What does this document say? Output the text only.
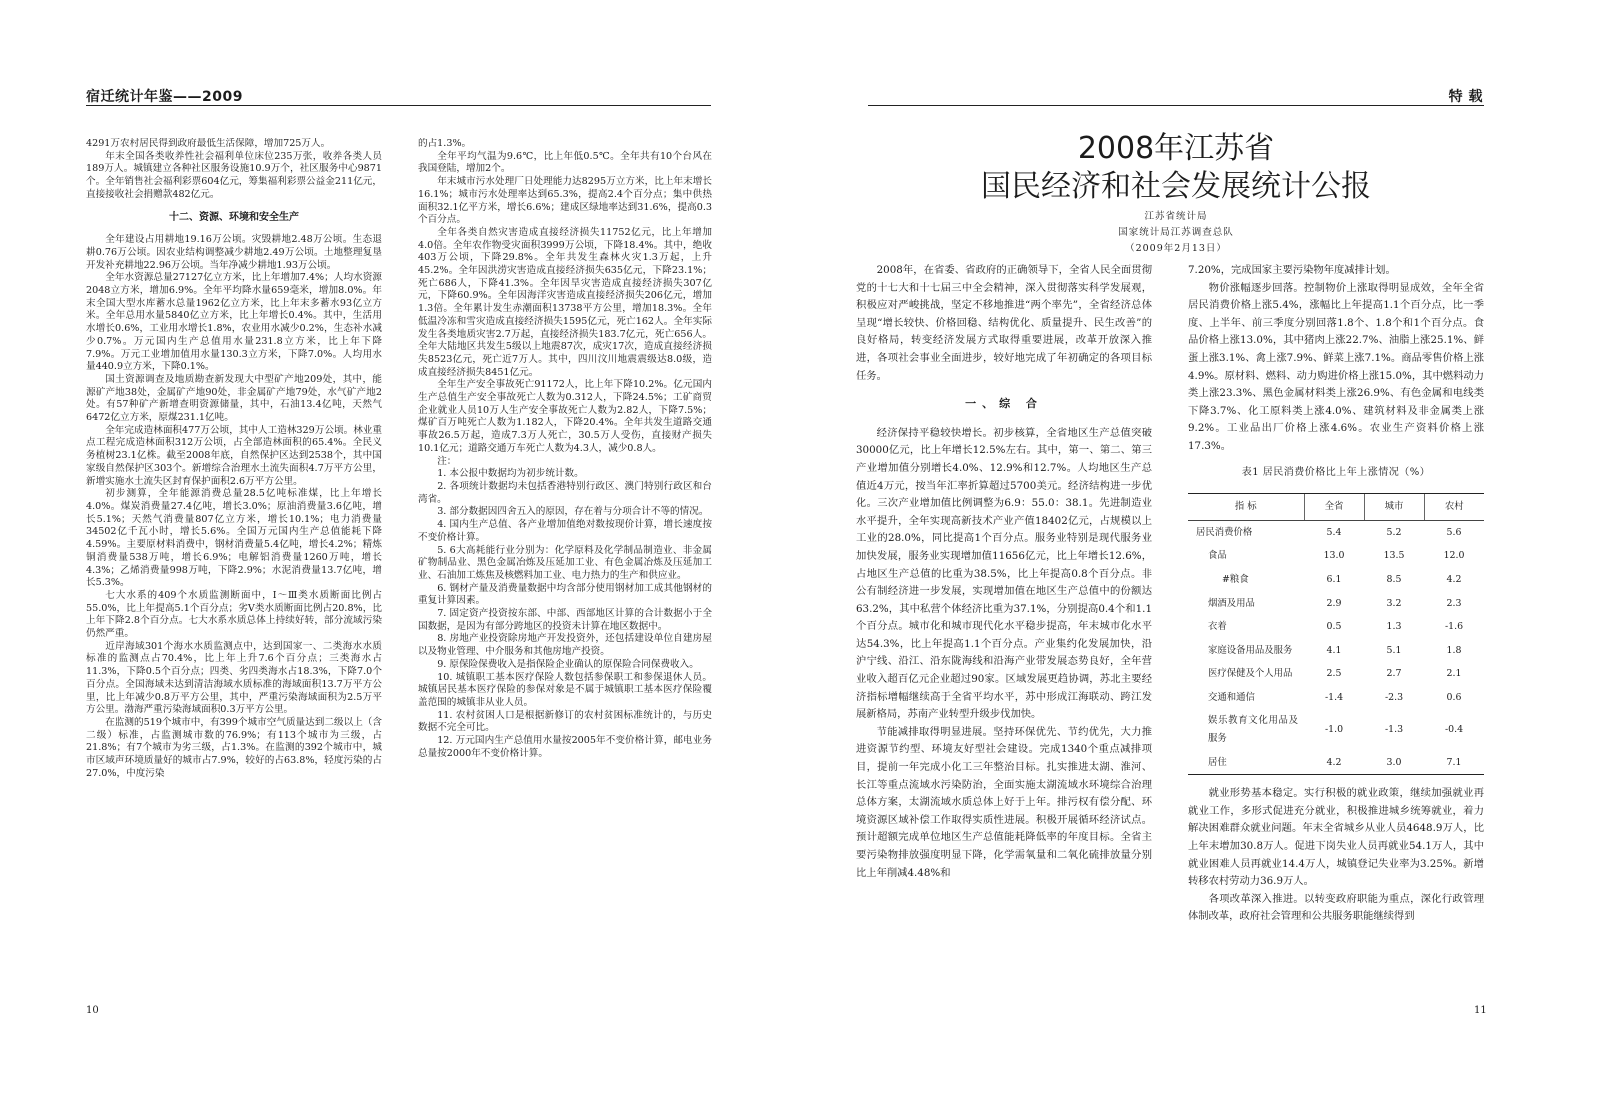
宿迁统计年鉴——2009

4291万农村居民得到政府最低生活保障，增加725万人。

年末全国各类收养性社会福利单位床位235万张，收养各类人员189万人。城镇建立各种社区服务设施10.9万个，社区服务中心9871个。全年销售社会福利彩票604亿元，筹集福利彩票公益金211亿元，直接接收社会捐赠款482亿元。

十二、资源、环境和安全生产

全年建设占用耕地19.16万公顷。灾毁耕地2.48万公顷。生态退耕0.76万公顷。因农业结构调整减少耕地2.49万公顷。土地整理复垦开发补充耕地22.96万公顷。当年净减少耕地1.93万公顷。

全年水资源总量27127亿立方米，比上年增加7.4%；人均水资源2048立方米，增加6.9%。全年平均降水量659毫米，增加8.0%。年末全国大型水库蓄水总量1962亿立方米，比上年末多蓄水93亿立方米。全年总用水量5840亿立方米，比上年增长0.4%。其中，生活用水增长0.6%，工业用水增长1.8%，农业用水减少0.2%，生态补水减少0.7%。万元国内生产总值用水量231.8立方米，比上年下降7.9%。万元工业增加值用水量130.3立方米，下降7.0%。人均用水量440.9立方米，下降0.1%。

国土资源调查及地质勘查新发现大中型矿产地209处，其中，能源矿产地38处，金属矿产地90处，非金属矿产地79处，水气矿产地2处。有57种矿产新增查明资源储量，其中，石油13.4亿吨，天然气6472亿立方米，原煤231.1亿吨。

全年完成造林面积477万公顷，其中人工造林329万公顷。林业重点工程完成造林面积312万公顷，占全部造林面积的65.4%。全民义务植树23.1亿株。截至2008年底，自然保护区达到2538个，其中国家级自然保护区303个。新增综合治理水土流失面积4.7万平方公里，新增实施水土流失区封育保护面积2.6万平方公里。

初步测算，全年能源消费总量28.5亿吨标准煤，比上年增长4.0%。煤炭消费量27.4亿吨，增长3.0%；原油消费量3.6亿吨，增长5.1%；天然气消费量807亿立方米，增长10.1%；电力消费量34502亿千瓦小时，增长5.6%。全国万元国内生产总值能耗下降4.59%。主要原材料消费中，钢材消费量5.4亿吨，增长4.2%；精炼铜消费量538万吨，增长6.9%；电解铝消费量1260万吨，增长4.3%；乙烯消费量998万吨，下降2.9%；水泥消费量13.7亿吨，增长5.3%。

七大水系的409个水质监测断面中，Ⅰ～Ⅲ类水质断面比例占55.0%，比上年提高5.1个百分点；劣Ⅴ类水质断面比例占20.8%，比上年下降2.8个百分点。七大水系水质总体上持续好转，部分流域污染仍然严重。

近岸海域301个海水水质监测点中，达到国家一、二类海水水质标准的监测点占70.4%，比上年上升7.6个百分点；三类海水占11.3%，下降0.5个百分点；四类、劣四类海水占18.3%，下降7.0个百分点。全国海域未达到清洁海域水质标准的海域面积13.7万平方公里，比上年减少0.8万平方公里，其中，严重污染海域面积为2.5万平方公里。渤海严重污染海域面积0.3万平方公里。

在监测的519个城市中，有399个城市空气质量达到二级以上（含二级）标准，占监测城市数的76.9%；有113个城市为三级，占21.8%；有7个城市为劣三级，占1.3%。在监测的392个城市中，城市区域声环境质量好的城市占7.9%，较好的占63.8%，轻度污染的占27.0%，中度污染

的占1.3%。

全年平均气温为9.6℃，比上年低0.5℃。全年共有10个台风在我国登陆，增加2个。

年末城市污水处理厂日处理能力达8295万立方米，比上年末增长16.1%；城市污水处理率达到65.3%，提高2.4个百分点；集中供热面积32.1亿平方米，增长6.6%；建成区绿地率达到31.6%，提高0.3个百分点。

全年各类自然灾害造成直接经济损失11752亿元，比上年增加4.0倍。全年农作物受灾面积3999万公顷，下降18.4%。其中，绝收403万公顷，下降29.8%。全年共发生森林火灾1.3万起，上升45.2%。全年因洪涝灾害造成直接经济损失635亿元，下降23.1%；死亡686人，下降41.3%。全年因旱灾害造成直接经济损失307亿元，下降60.9%。全年因海洋灾害造成直接经济损失206亿元，增加1.3倍。全年累计发生赤潮面积13738平方公里，增加18.3%。全年低温冷冻和雪灾造成直接经济损失1595亿元，死亡162人。全年实际发生各类地质灾害2.7万起，直接经济损失183.7亿元，死亡656人。全年大陆地区共发生5级以上地震87次，成灾17次，造成直接经济损失8523亿元，死亡近7万人。其中，四川汶川地震震级达8.0级，造成直接经济损失8451亿元。

全年生产安全事故死亡91172人，比上年下降10.2%。亿元国内生产总值生产安全事故死亡人数为0.312人，下降24.5%；工矿商贸企业就业人员10万人生产安全事故死亡人数为2.82人，下降7.5%；煤矿百万吨死亡人数为1.182人，下降20.4%。全年共发生道路交通事故26.5万起，造成7.3万人死亡，30.5万人受伤，直接财产损失10.1亿元；道路交通万车死亡人数为4.3人，减少0.8人。

注：

1. 本公报中数据均为初步统计数。

2. 各项统计数据均未包括香港特别行政区、澳门特别行政区和台湾省。

3. 部分数据因四舍五入的原因，存在着与分项合计不等的情况。

4. 国内生产总值、各产业增加值绝对数按现价计算，增长速度按不变价格计算。

5. 6大高耗能行业分别为：化学原料及化学制品制造业、非金属矿物制品业、黑色金属冶炼及压延加工业、有色金属冶炼及压延加工业、石油加工炼焦及核燃料加工业、电力热力的生产和供应业。

6. 钢材产量及消费量数据中均含部分使用钢材加工成其他钢材的重复计算因素。

7. 固定资产投资按东部、中部、西部地区计算的合计数据小于全国数据，是因为有部分跨地区的投资未计算在地区数据中。

8. 房地产业投资除房地产开发投资外，还包括建设单位自建房屋以及物业管理、中介服务和其他房地产投资。

9. 原保险保费收入是指保险企业确认的原保险合同保费收入。

10. 城镇职工基本医疗保险人数包括参保职工和参保退休人员。城镇居民基本医疗保险的参保对象是不属于城镇职工基本医疗保险覆盖范围的城镇非从业人员。

11. 农村贫困人口是根据新修订的农村贫困标准统计的，与历史数据不完全可比。

12. 万元国内生产总值用水量按2005年不变价格计算，邮电业务总量按2000年不变价格计算。

10
特 载
2008年江苏省
国民经济和社会发展统计公报
江苏省统计局
国家统计局江苏调查总队
（2009年2月13日）

2008年，在省委、省政府的正确领导下，全省人民全面贯彻党的十七大和十七届三中全会精神，深入贯彻落实科学发展观，积极应对严峻挑战，坚定不移地推进“两个率先”，全省经济总体呈现“增长较快、价格回稳、结构优化、质量提升、民生改善”的良好格局，转变经济发展方式取得重要进展，改革开放深入推进，各项社会事业全面进步，较好地完成了年初确定的各项目标任务。

一、综 合

经济保持平稳较快增长。初步核算，全省地区生产总值突破30000亿元，比上年增长12.5%左右。其中，第一、第二、第三产业增加值分别增长4.0%、12.9%和12.7%。人均地区生产总值近4万元，按当年汇率折算超过5700美元。经济结构进一步优化。三次产业增加值比例调整为6.9：55.0：38.1。先进制造业水平提升，全年实现高新技术产业产值18402亿元，占规模以上工业的28.0%，同比提高1个百分点。服务业特别是现代服务业加快发展，服务业实现增加值11656亿元，比上年增长12.6%，占地区生产总值的比重为38.5%，比上年提高0.8个百分点。非公有制经济进一步发展，实现增加值在地区生产总值中的份额达63.2%，其中私营个体经济比重为37.1%，分别提高0.4个和1.1个百分点。城市化和城市现代化水平稳步提高，年末城市化水平达54.3%，比上年提高1.1个百分点。产业集约化发展加快，沿沪宁线、沿江、沿东陇海线和沿海产业带发展态势良好，全年营业收入超百亿元企业超过90家。区域发展更趋协调，苏北主要经济指标增幅继续高于全省平均水平，苏中形成江海联动、跨江发展新格局，苏南产业转型升级步伐加快。

节能减排取得明显进展。坚持环保优先、节约优先，大力推进资源节约型、环境友好型社会建设。完成1340个重点减排项目，提前一年完成小化工三年整治目标。扎实推进太湖、淮河、长江等重点流域水污染防治，全面实施太湖流域水环境综合治理总体方案，太湖流域水质总体上好于上年。排污权有偿分配、环境资源区域补偿工作取得实质性进展。积极开展循环经济试点。预计超额完成单位地区生产总值能耗降低率的年度目标。全省主要污染物排放强度明显下降，化学需氧量和二氧化硫排放量分别比上年削减4.48%和

7.20%，完成国家主要污染物年度减排计划。

物价涨幅逐步回落。控制物价上涨取得明显成效，全年全省居民消费价格上涨5.4%，涨幅比上年提高1.1个百分点，比一季度、上半年、前三季度分别回落1.8个、1.8个和1个百分点。食品价格上涨13.0%，其中猪肉上涨22.7%、油脂上涨25.1%、鲜蛋上涨3.1%、禽上涨7.9%、鲜菜上涨7.1%。商品零售价格上涨4.9%。原材料、燃料、动力购进价格上涨15.0%，其中燃料动力类上涨23.3%、黑色金属材料类上涨26.9%、有色金属和电线类下降3.7%、化工原料类上涨4.0%、建筑材料及非金属类上涨9.2%。工业品出厂价格上涨4.6%。农业生产资料价格上涨17.3%。

表1 居民消费价格比上年上涨情况（%）
指 标	全省	城市	农村
居民消费价格	5.4	5.2	5.6
食品	13.0	13.5	12.0
#粮食	6.1	8.5	4.2
烟酒及用品	2.9	3.2	2.3
衣着	0.5	1.3	-1.6
家庭设备用品及服务	4.1	5.1	1.8
医疗保健及个人用品	2.5	2.7	2.1
交通和通信	-1.4	-2.3	0.6
娱乐教育文化用品及服务	-1.0	-1.3	-0.4
居住	4.2	3.0	7.1

就业形势基本稳定。实行积极的就业政策，继续加强就业再就业工作，多形式促进充分就业，积极推进城乡统筹就业，着力解决困难群众就业问题。年末全省城乡从业人员4648.9万人，比上年末增加30.8万人。促进下岗失业人员再就业54.1万人，其中就业困难人员再就业14.4万人，城镇登记失业率为3.25%。新增转移农村劳动力36.9万人。

各项改革深入推进。以转变政府职能为重点，深化行政管理体制改革，政府社会管理和公共服务职能继续得到

11
